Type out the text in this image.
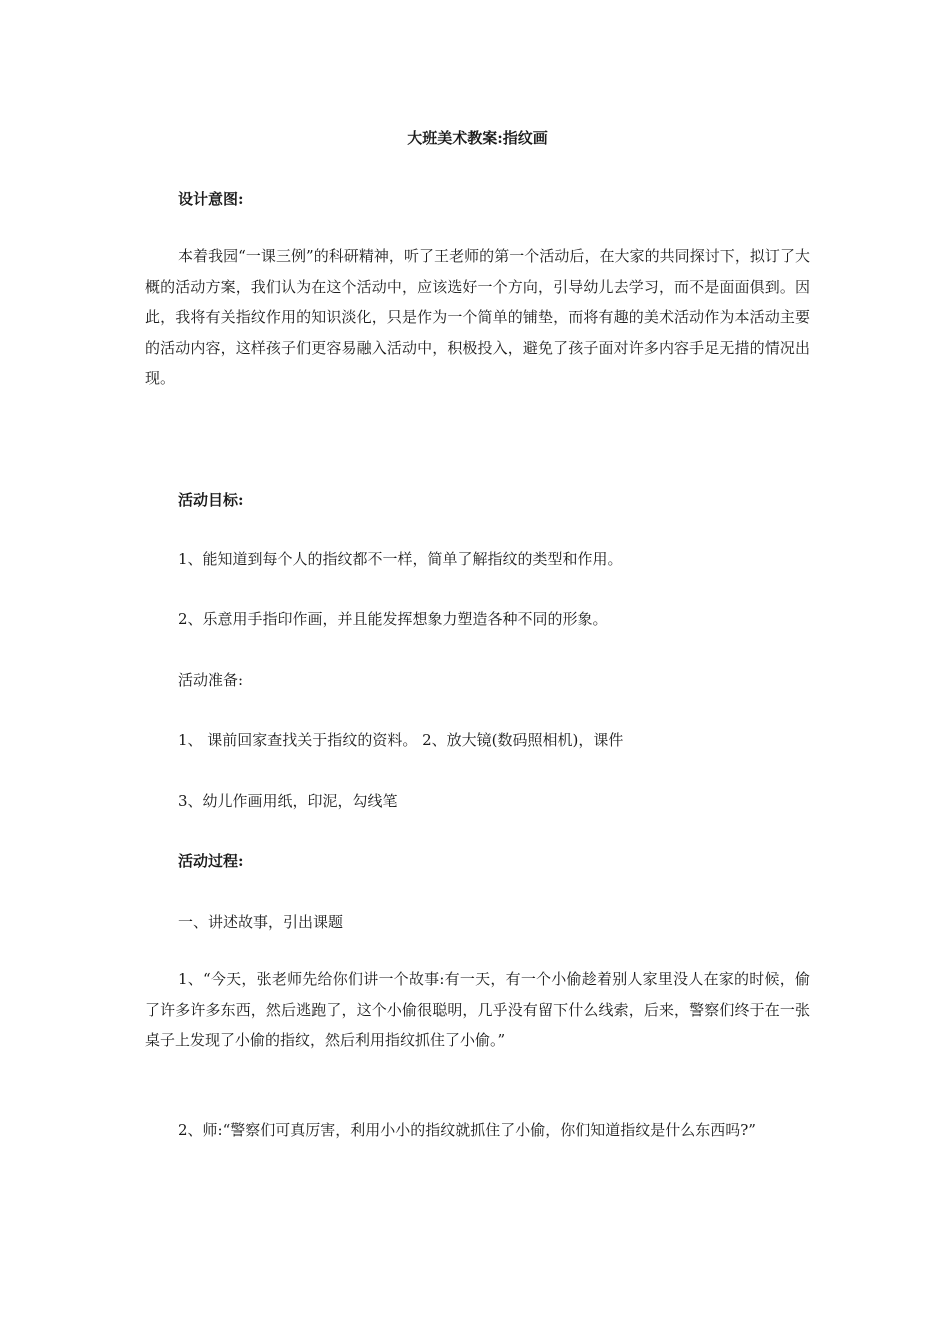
大班美术教案:指纹画

设计意图:

本着我园“一课三例”的科研精神，听了王老师的第一个活动后，在大家的共同探讨下，拟订了大概的活动方案，我们认为在这个活动中，应该选好一个方向，引导幼儿去学习，而不是面面俱到。因此，我将有关指纹作用的知识淡化，只是作为一个简单的铺垫，而将有趣的美术活动作为本活动主要的活动内容，这样孩子们更容易融入活动中，积极投入，避免了孩子面对许多内容手足无措的情况出现。

活动目标:

1、能知道到每个人的指纹都不一样，简单了解指纹的类型和作用。

2、乐意用手指印作画，并且能发挥想象力塑造各种不同的形象。

活动准备:

1、 课前回家查找关于指纹的资料。 2、放大镜(数码照相机)，课件

3、幼儿作画用纸，印泥，勾线笔

活动过程:

一、讲述故事，引出课题

1、“今天，张老师先给你们讲一个故事:有一天，有一个小偷趁着别人家里没人在家的时候，偷了许多许多东西，然后逃跑了，这个小偷很聪明，几乎没有留下什么线索，后来，警察们终于在一张桌子上发现了小偷的指纹，然后利用指纹抓住了小偷。”

2、师:“警察们可真厉害，利用小小的指纹就抓住了小偷，你们知道指纹是什么东西吗?”
